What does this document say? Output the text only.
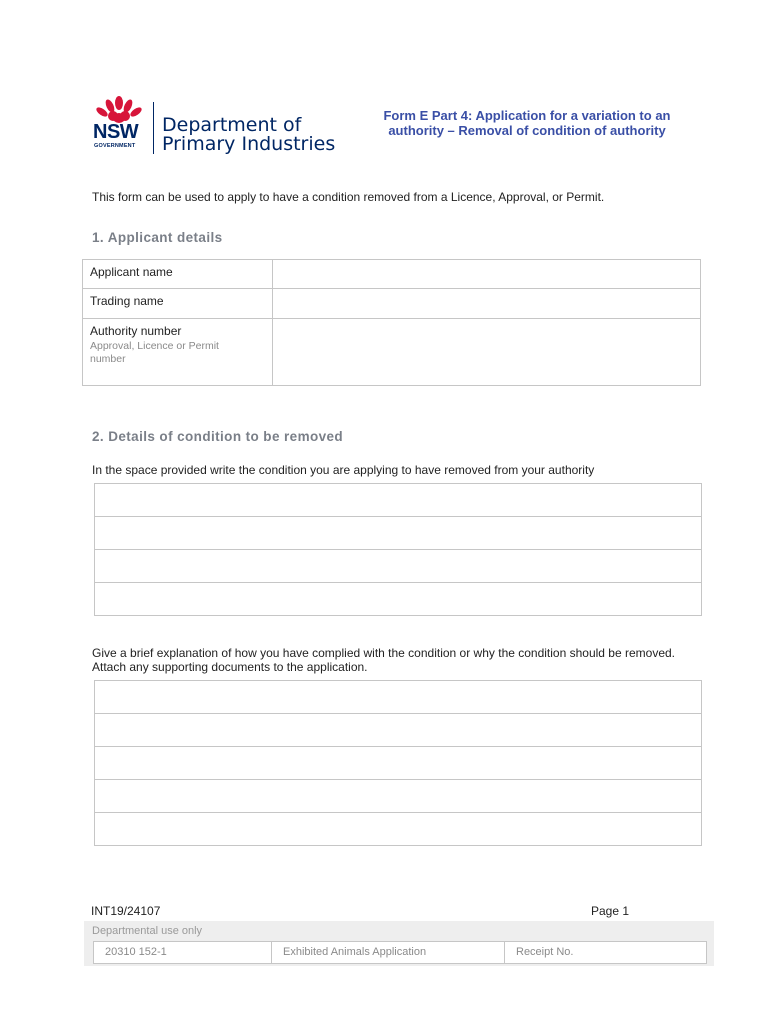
NSW
GOVERNMENT
Department of
Primary Industries
Form E Part 4: Application for a variation to an
authority – Removal of condition of authority
This form can be used to apply to have a condition removed from a Licence, Approval, or Permit.
1. Applicant details
Applicant name
Trading name
Authority number
Approval, Licence or Permit number
2. Details of condition to be removed
In the space provided write the condition you are applying to have removed from your authority
Give a brief explanation of how you have complied with the condition or why the condition should be removed. Attach any supporting documents to the application.
INT19/24107	Page 1
Departmental use only
20310 152-1	Exhibited Animals Application	Receipt No.
